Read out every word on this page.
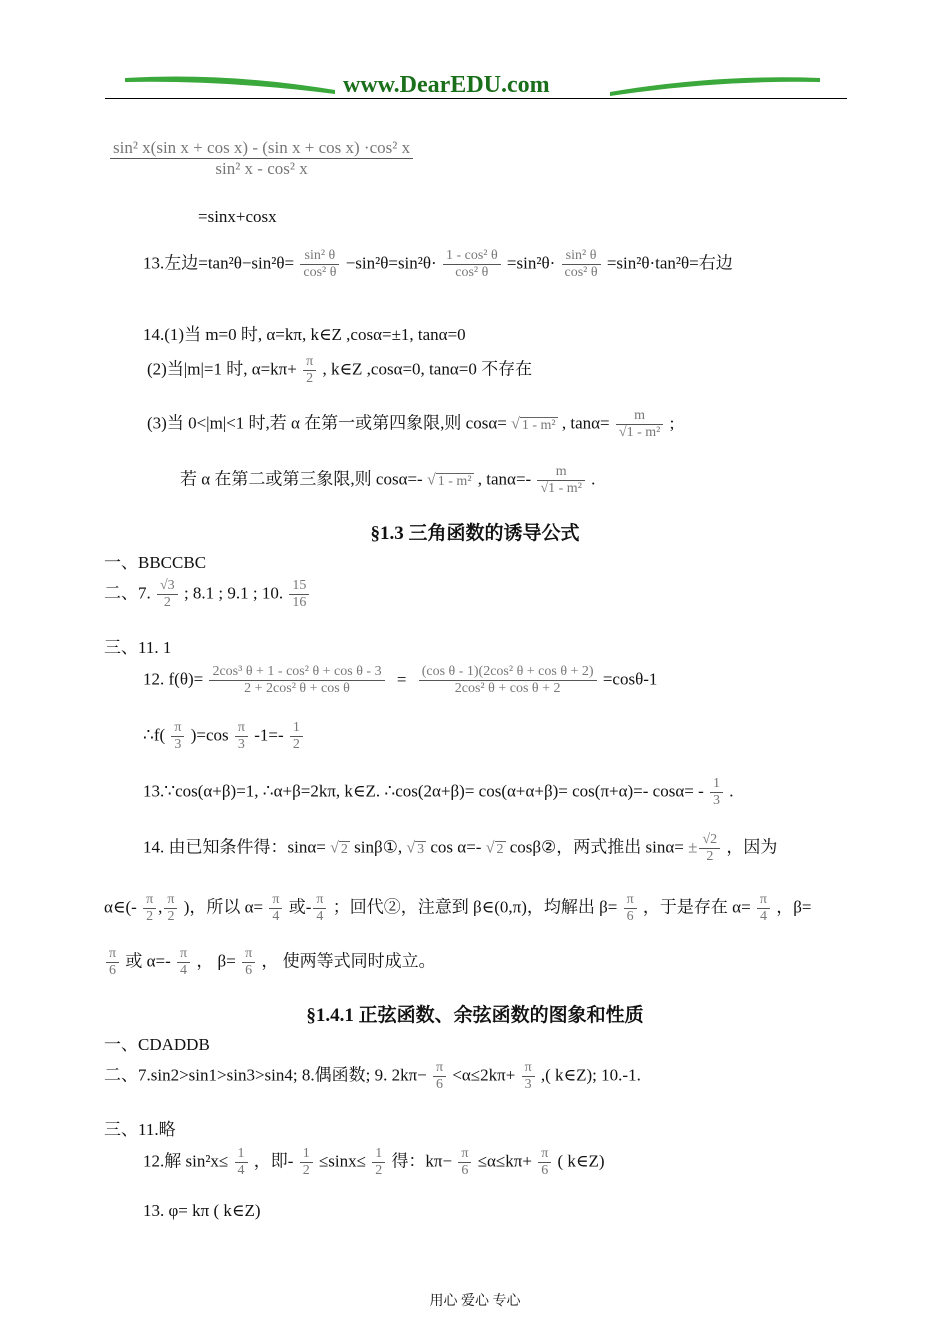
www.DearEDU.com
$\frac{\text{sin² x(sin x + cos x) - (sin x + cos x) ·cos² x}}{\text{sin² x - cos² x}}$
=sinx+cosx
13.左边$=\tan^2\theta-\sin^2\theta= \frac{\text{sin² θ}}{\text{cos² θ}} -\sin^2\theta=\sin^2\theta\cdot \frac{\text{1 - cos² θ}}{\text{cos² θ}} =\sin^2\theta\cdot \frac{\text{sin² θ}}{\text{cos² θ}} =\sin^2\theta\cdot\tan^2\theta=$右边
14.(1)当 m=0 时, α=kπ, k∈Z ,cosα=±1, tanα=0
(2)当|m|=1 时, $\alpha=k\pi+ \frac{\pi}{2}$ , k∈Z ,cosα=0, tanα=0 不存在
(3)当 0<|m|<1 时,若 α 在第一或第四象限,则 cosα= √ 1 - m² , $\tan\alpha= \frac{m}{\text{√1 - m²}}$ ;
若 α 在第二或第三象限,则 cosα=- √ 1 - m² , $\tan\alpha=- \frac{m}{\text{√1 - m²}}$ .
§1.3 三角函数的诱导公式
一、BBCCBC
二、7. $\frac{√3}{2}$ ; 8.1 ; 9.1 ; 10. $\frac{15}{16}$
三、11. 1
12. $f(\theta)= \frac{\text{2cos³ θ + 1 - cos² θ + cos θ - 3}}{\text{2 + 2cos² θ + cos θ}} = \frac{\text{(cos θ - 1)(2cos² θ + cos θ + 2)}}{\text{2cos² θ + cos θ + 2}} =\cos\theta-1$
∴f( $\frac{\pi}{3} )=\cos \frac{\pi}{3} -1=- \frac{1}{2}$
13.∵cos(α+β)=1, ∴α+β=2kπ, k∈Z. ∴cos(2α+β)= cos(α+α+β)= cos(π+α)=- $\cos\alpha= - \frac{1}{3}$ .
14. 由已知条件得：sinα= √ 2 sinβ①, √ 3 cos α=- √ 2 cosβ②，两式推出 $\sin\alpha= \pm \frac{√2}{2}$ ，因为
α∈(- $\frac{\pi}{2}$ , $\frac{\pi}{2}$ )，所以 $\alpha= \frac{\pi}{4}$ 或- $\frac{\pi}{4}$ ；回代②，注意到 β∈(0,π)，均解出 $\beta= \frac{\pi}{6}$ ，于是存在 $\alpha= \frac{\pi}{4}$ ，β=
$\frac{\pi}{6}$ 或 $\alpha=- \frac{\pi}{4}$ ， $\beta= \frac{\pi}{6}$ ， 使两等式同时成立。
§1.4.1 正弦函数、余弦函数的图象和性质
一、CDADDB
二、7.sin2>sin1>sin3>sin4; 8.偶函数; 9. $2k\pi- \frac{\pi}{6} <\alpha\le 2k\pi+ \frac{\pi}{3}$ ,( k∈Z); 10.-1.
三、11.略
12.解 $\sin^2x\le \frac{1}{4}$ ，即- $\frac{1}{2} \le\sin x\le \frac{1}{2}$ 得：$k\pi- \frac{\pi}{6} \le\alpha\le k\pi+ \frac{\pi}{6}$ ( k∈Z)
13. φ= kπ ( k∈Z)
用心 爱心 专心
